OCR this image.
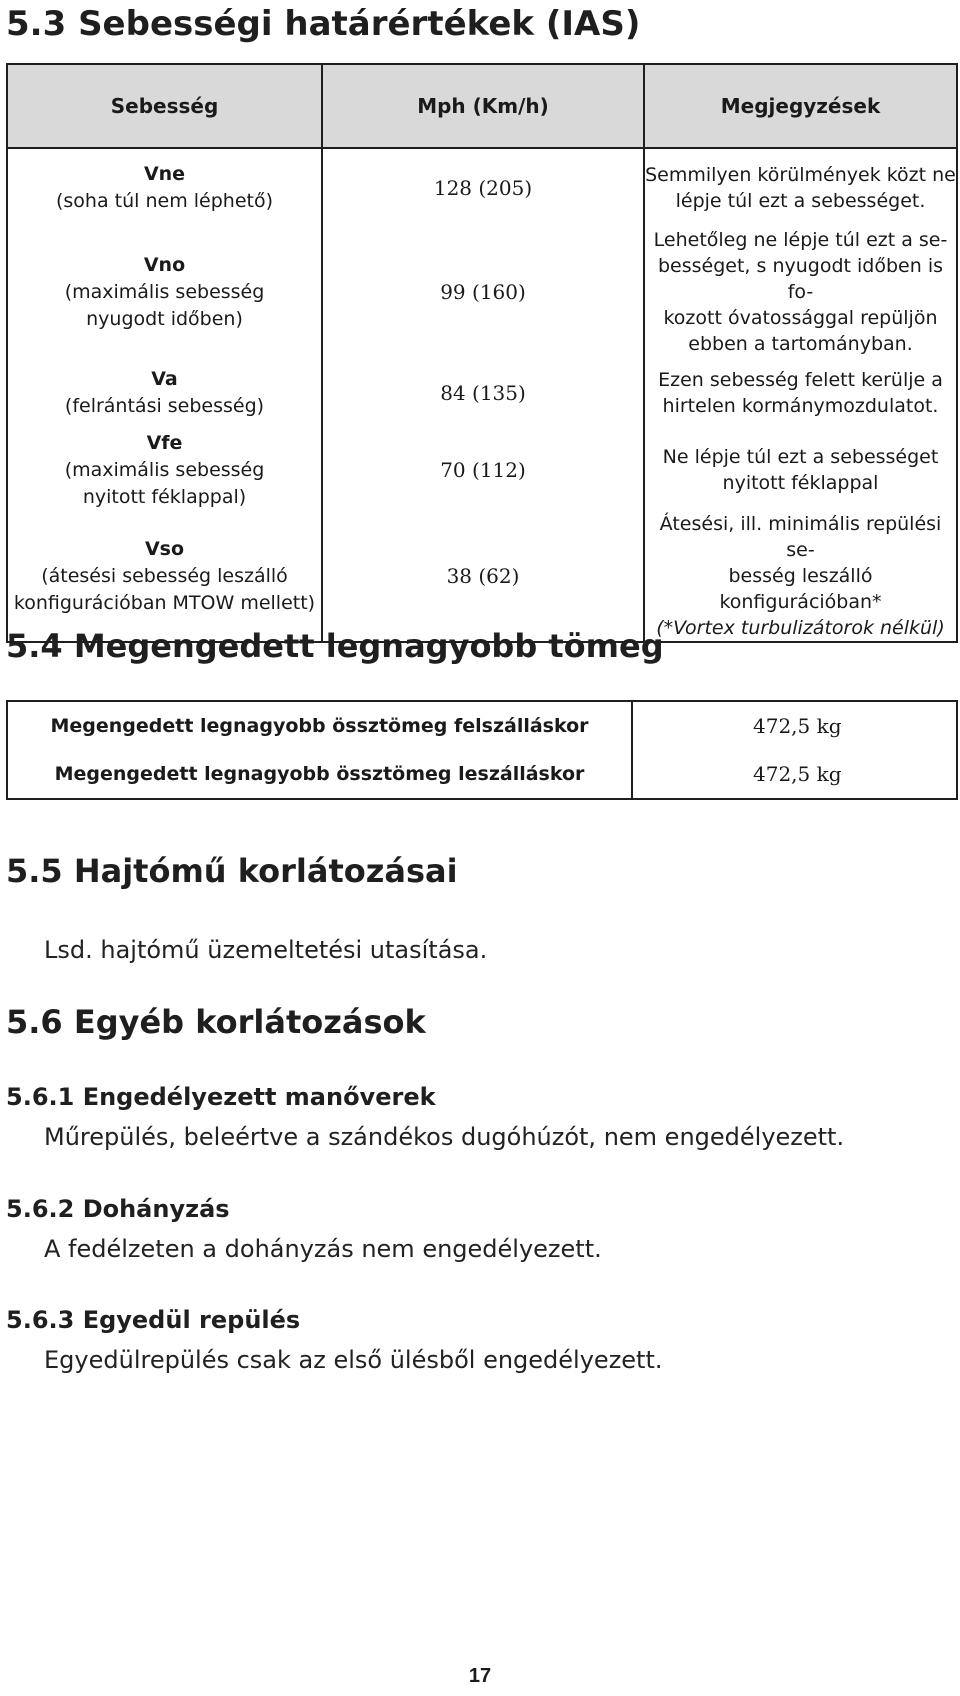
5.3 Sebességi határértékek (IAS)
Sebesség	Mph (Km/h)	Megjegyzések

Vne
(soha túl nem léphető)	128 (205)	Semmilyen körülmények közt ne
lépje túl ezt a sebességet.

Vno
(maximális sebesség
nyugodt időben)	99 (160)	Lehetőleg ne lépje túl ezt a se-
bességet, s nyugodt időben is fo-
kozott óvatossággal repüljön
ebben a tartományban.

Va
(felrántási sebesség)	84 (135)	Ezen sebesség felett kerülje a
hirtelen kormánymozdulatot.

Vfe
(maximális sebesség
nyitott féklappal)	70 (112)	Ne lépje túl ezt a sebességet
nyitott féklappal

Vso
(átesési sebesség leszálló
konfigurációban MTOW mellett)	38 (62)	Átesési, ill. minimális repülési se-
besség leszálló konfigurációban*
(*Vortex turbulizátorok nélkül)
5.4 Megengedett legnagyobb tömeg
Megengedett legnagyobb össztömeg felszálláskor	472,5 kg
Megengedett legnagyobb össztömeg leszálláskor	472,5 kg
5.5 Hajtómű korlátozásai
Lsd. hajtómű üzemeltetési utasítása.
5.6 Egyéb korlátozások
5.6.1 Engedélyezett manőverek
Műrepülés, beleértve a szándékos dugóhúzót, nem engedélyezett.
5.6.2 Dohányzás
A fedélzeten a dohányzás nem engedélyezett.
5.6.3 Egyedül repülés
Egyedülrepülés csak az első ülésből engedélyezett.
17
